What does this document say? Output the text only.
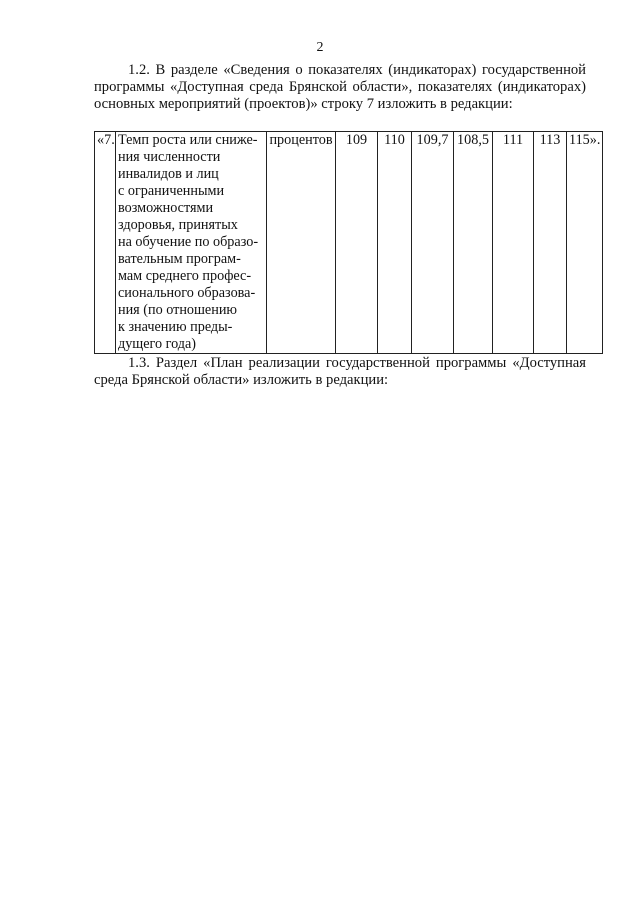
2
1.2. В разделе «Сведения о показателях (индикаторах) государственной
программы «Доступная среда Брянской области», показателях (индикаторах)
основных мероприятий (проектов)» строку 7 изложить в редакции:
«7.	Темп роста или сниже-
ния численности
инвалидов и лиц
с ограниченными
возможностями
здоровья, принятых
на обучение по образо-
вательным програм-
мам среднего профес-
сионального образова-
ния (по отношению
к значению преды-
дущего года)
	процентов	109	110	109,7	108,5	111	113	115».
1.3. Раздел «План реализации государственной программы «Доступная
среда Брянской области» изложить в редакции:
